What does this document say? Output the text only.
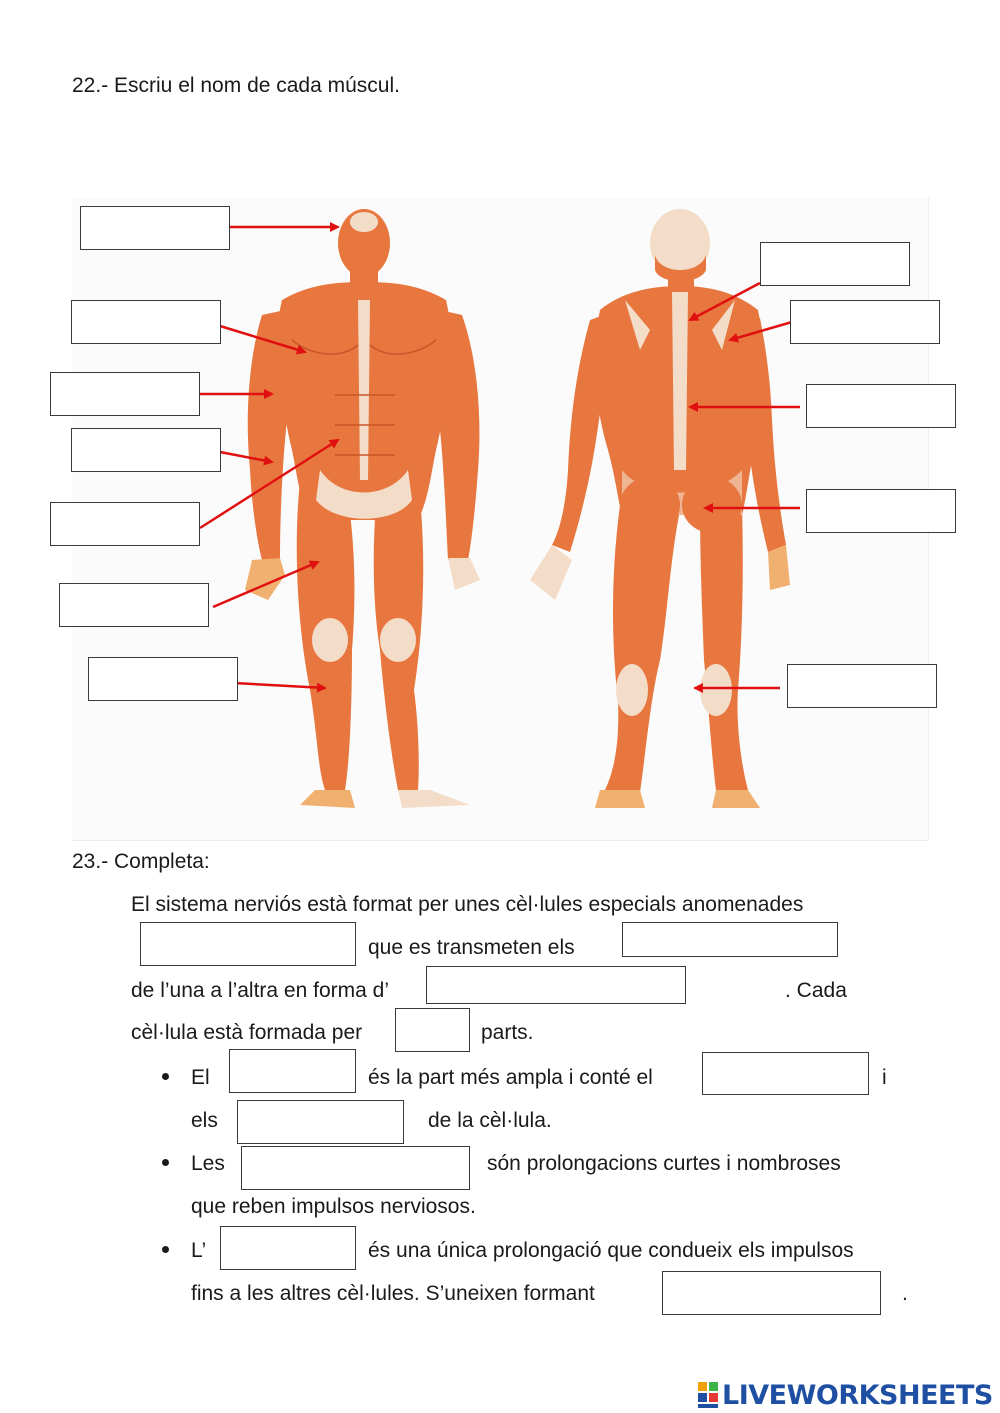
22.- Escriu el nom de cada múscul.
23.- Completa:
El sistema nerviós està format per unes cèl·lules especials anomenades
que es transmeten els
de l’una a l’altra en forma d’	. Cada
cèl·lula està formada per	parts.
El	és la part més ampla i conté el	i
els	de la cèl·lula.
Les	són prolongacions curtes i nombroses
que reben impulsos nerviosos.
L’	és una única prolongació que condueix els impulsos
fins a les altres cèl·lules. S’uneixen formant	.
LIVEWORKSHEETS
